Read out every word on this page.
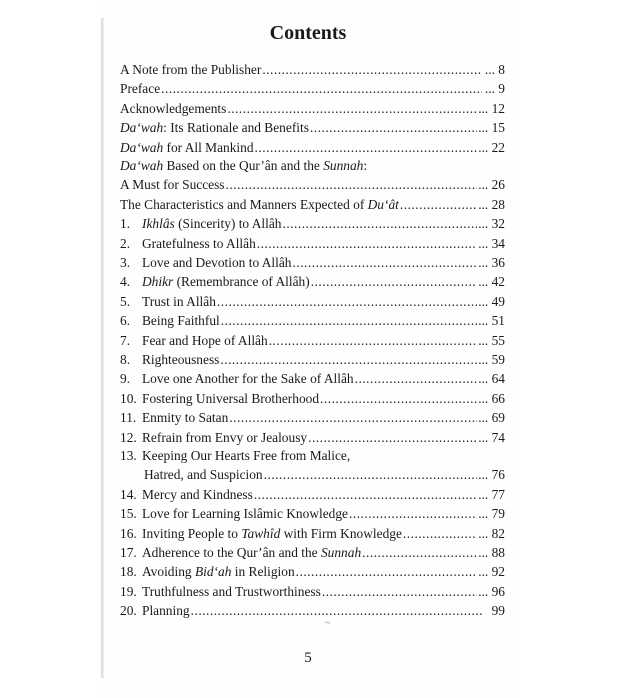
Contents
A Note from the Publisher .....	... 8
Preface .....	... 9
Acknowledgements .....	... 12
Da‘wah: Its Rationale and Benefits .....	... 15
Da‘wah for All Mankind .....	... 22
Da‘wah Based on the Qur’ân and the Sunnah:
A Must for Success .....	... 26
The Characteristics and Manners Expected of Du‘ât .....	... 28
1. Ikhlâs (Sincerity) to Allâh .....	... 32
2. Gratefulness to Allâh .....	... 34
3. Love and Devotion to Allâh .....	... 36
4. Dhikr (Remembrance of Allâh) .....	... 42
5. Trust in Allâh .....	... 49
6. Being Faithful .....	... 51
7. Fear and Hope of Allâh .....	... 55
8. Righteousness .....	... 59
9. Love one Another for the Sake of Allâh .....	... 64
10. Fostering Universal Brotherhood .....	... 66
11. Enmity to Satan .....	... 69
12. Refrain from Envy or Jealousy .....	... 74
13. Keeping Our Hearts Free from Malice,
Hatred, and Suspicion .....	... 76
14. Mercy and Kindness .....	... 77
15. Love for Learning Islâmic Knowledge .....	... 79
16. Inviting People to Tawhîd with Firm Knowledge .....	... 82
17. Adherence to the Qur’ân and the Sunnah .....	... 88
18. Avoiding Bid‘ah in Religion .....	... 92
19. Truthfulness and Trustworthiness .....	... 96
20. Planning .....	99
~
5
